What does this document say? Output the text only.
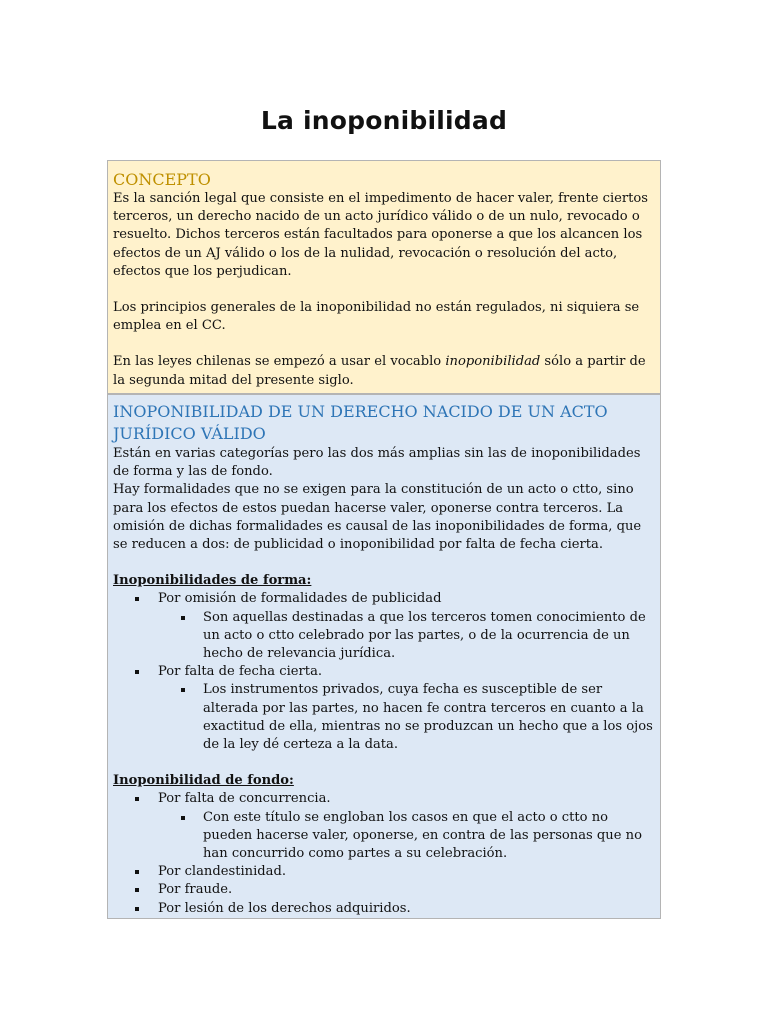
La inoponibilidad
CONCEPTO

Es la sanción legal que consiste en el impedimento de hacer valer, frente ciertos terceros, un derecho nacido de un acto jurídico válido o de un nulo, revocado o resuelto. Dichos terceros están facultados para oponerse a que los alcancen los efectos de un AJ válido o los de la nulidad, revocación o resolución del acto, efectos que los perjudican.

Los principios generales de la inoponibilidad no están regulados, ni siquiera se emplea en el CC.

En las leyes chilenas se empezó a usar el vocablo inoponibilidad sólo a partir de la segunda mitad del presente siglo.

INOPONIBILIDAD DE UN DERECHO NACIDO DE UN ACTO JURÍDICO VÁLIDO

Están en varias categorías pero las dos más amplias sin las de inoponibilidades de forma y las de fondo.

Hay formalidades que no se exigen para la constitución de un acto o ctto, sino para los efectos de estos puedan hacerse valer, oponerse contra terceros. La omisión de dichas formalidades es causal de las inoponibilidades de forma, que se reducen a dos: de publicidad o inoponibilidad por falta de fecha cierta.

Inoponibilidades de forma:

Por omisión de formalidades de publicidad
Son aquellas destinadas a que los terceros tomen conocimiento de un acto o ctto celebrado por las partes, o de la ocurrencia de un hecho de relevancia jurídica.
Por falta de fecha cierta.
Los instrumentos privados, cuya fecha es susceptible de ser alterada por las partes, no hacen fe contra terceros en cuanto a la exactitud de ella, mientras no se produzcan un hecho que a los ojos de la ley dé certeza a la data.

Inoponibilidad de fondo:

Por falta de concurrencia.
Con este título se engloban los casos en que el acto o ctto no pueden hacerse valer, oponerse, en contra de las personas que no han concurrido como partes a su celebración.
Por clandestinidad.
Por fraude.
Por lesión de los derechos adquiridos.
